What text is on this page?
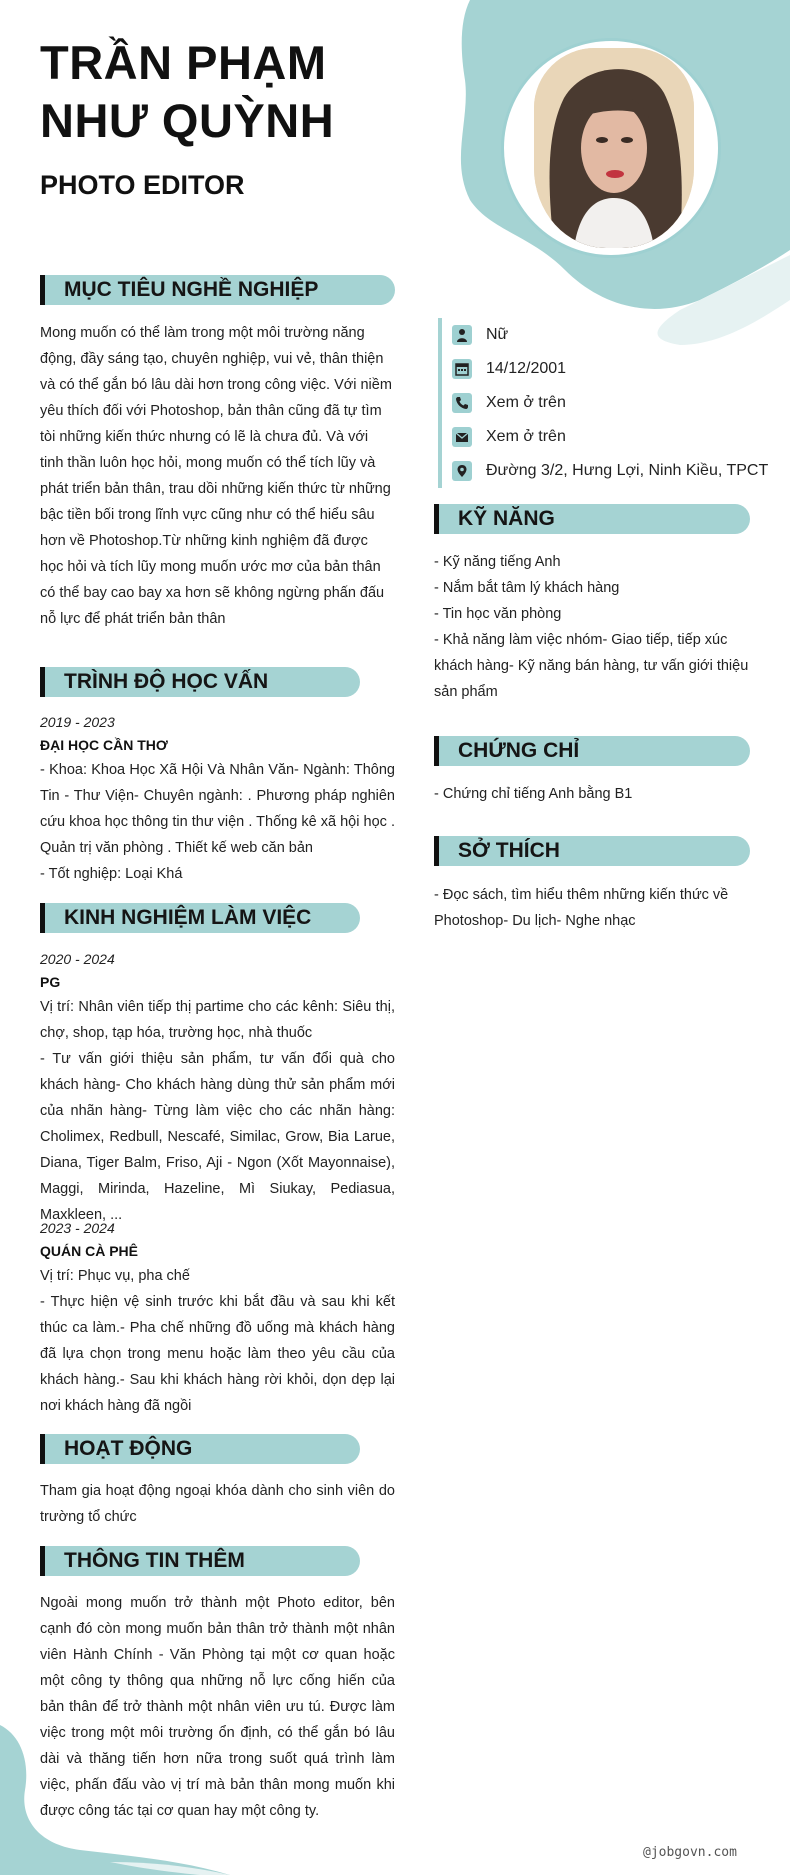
TRẦN PHẠM
NHƯ QUỲNH
PHOTO EDITOR
MỤC TIÊU NGHỀ NGHIỆP
Mong muốn có thể làm trong một môi trường năng động, đầy sáng tạo, chuyên nghiệp, vui vẻ, thân thiện và có thể gắn bó lâu dài hơn trong công việc. Với niềm yêu thích đối với Photoshop, bản thân cũng đã tự tìm tòi những kiến thức nhưng có lẽ là chưa đủ. Và với tinh thần luôn học hỏi, mong muốn có thể tích lũy và phát triển bản thân, trau dồi những kiến thức từ những bậc tiền bối trong lĩnh vực cũng như có thể hiểu sâu hơn về Photoshop.Từ những kinh nghiệm đã được học hỏi và tích lũy mong muốn ước mơ của bản thân có thể bay cao bay xa hơn sẽ không ngừng phấn đấu nỗ lực để phát triển bản thân
TRÌNH ĐỘ HỌC VẤN
2019 - 2023
ĐẠI HỌC CẦN THƠ
- Khoa: Khoa Học Xã Hội Và Nhân Văn- Ngành: Thông Tin - Thư Viện- Chuyên ngành: . Phương pháp nghiên cứu khoa học thông tin thư viện . Thống kê xã hội học . Quản trị văn phòng . Thiết kế web căn bản
- Tốt nghiệp: Loại Khá
KINH NGHIỆM LÀM VIỆC
2020 - 2024
PG
Vị trí: Nhân viên tiếp thị partime cho các kênh: Siêu thị, chợ, shop, tạp hóa, trường học, nhà thuốc
- Tư vấn giới thiệu sản phẩm, tư vấn đổi quà cho khách hàng- Cho khách hàng dùng thử sản phẩm mới của nhãn hàng- Từng làm việc cho các nhãn hàng: Cholimex, Redbull, Nescafé, Similac, Grow, Bia Larue, Diana, Tiger Balm, Friso, Aji - Ngon (Xốt Mayonnaise), Maggi, Mirinda, Hazeline, Mì Siukay, Pediasua, Maxkleen, ...
2023 - 2024
QUÁN CÀ PHÊ
Vị trí: Phục vụ, pha chế
- Thực hiện vệ sinh trước khi bắt đầu và sau khi kết thúc ca làm.- Pha chế những đồ uống mà khách hàng đã lựa chọn trong menu hoặc làm theo yêu cầu của khách hàng.- Sau khi khách hàng rời khỏi, dọn dẹp lại nơi khách hàng đã ngồi
HOẠT ĐỘNG
Tham gia hoạt động ngoại khóa dành cho sinh viên do trường tổ chức
THÔNG TIN THÊM
Ngoài mong muốn trở thành một Photo editor, bên cạnh đó còn mong muốn bản thân trở thành một nhân viên Hành Chính - Văn Phòng tại một cơ quan hoặc một công ty thông qua những nỗ lực cống hiến của bản thân để trở thành một nhân viên ưu tú. Được làm việc trong một môi trường ổn định, có thể gắn bó lâu dài và thăng tiến hơn nữa trong suốt quá trình làm việc, phấn đấu vào vị trí mà bản thân mong muốn khi được công tác tại cơ quan hay một công ty.
Nữ
14/12/2001
Xem ở trên
Xem ở trên
Đường 3/2, Hưng Lợi, Ninh Kiều, TPCT
KỸ NĂNG
- Kỹ năng tiếng Anh
- Nắm bắt tâm lý khách hàng
- Tin học văn phòng
- Khả năng làm việc nhóm- Giao tiếp, tiếp xúc khách hàng- Kỹ năng bán hàng, tư vấn giới thiệu sản phẩm
CHỨNG CHỈ
- Chứng chỉ tiếng Anh bằng B1
SỞ THÍCH
- Đọc sách, tìm hiểu thêm những kiến thức về Photoshop- Du lịch- Nghe nhạc
@jobgovn.com
